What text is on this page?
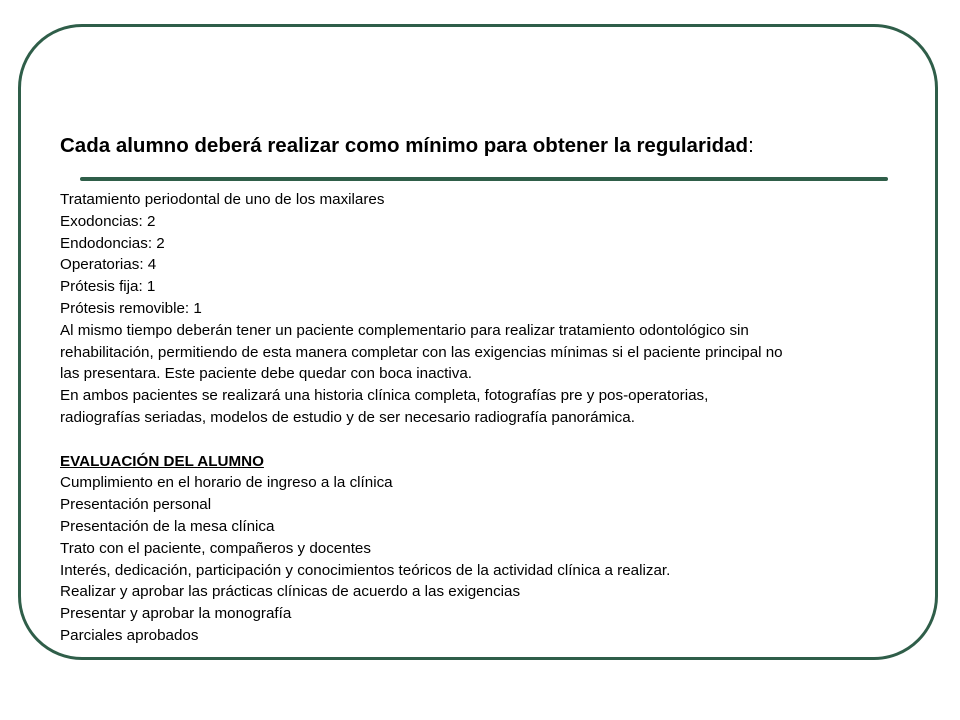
Cada alumno deberá realizar como mínimo para obtener la regularidad:
Tratamiento periodontal de uno de los maxilares
Exodoncias: 2
Endodoncias: 2
Operatorias: 4
Prótesis fija: 1
Prótesis removible: 1
Al mismo tiempo deberán tener un paciente complementario para realizar tratamiento odontológico sin
rehabilitación, permitiendo de esta manera completar con las exigencias mínimas si el paciente principal no
las presentara. Este paciente debe quedar con boca inactiva.
En ambos pacientes se realizará una historia clínica completa, fotografías pre y pos-operatorias,
radiografías seriadas, modelos de estudio y de ser necesario radiografía panorámica.
EVALUACIÓN DEL ALUMNO
Cumplimiento en el horario de ingreso a la clínica
Presentación personal
Presentación de la mesa clínica
Trato con el paciente, compañeros y docentes
Interés, dedicación, participación y conocimientos teóricos de la actividad clínica a realizar.
Realizar y aprobar las prácticas clínicas de acuerdo a las exigencias
Presentar y aprobar la monografía
Parciales aprobados
